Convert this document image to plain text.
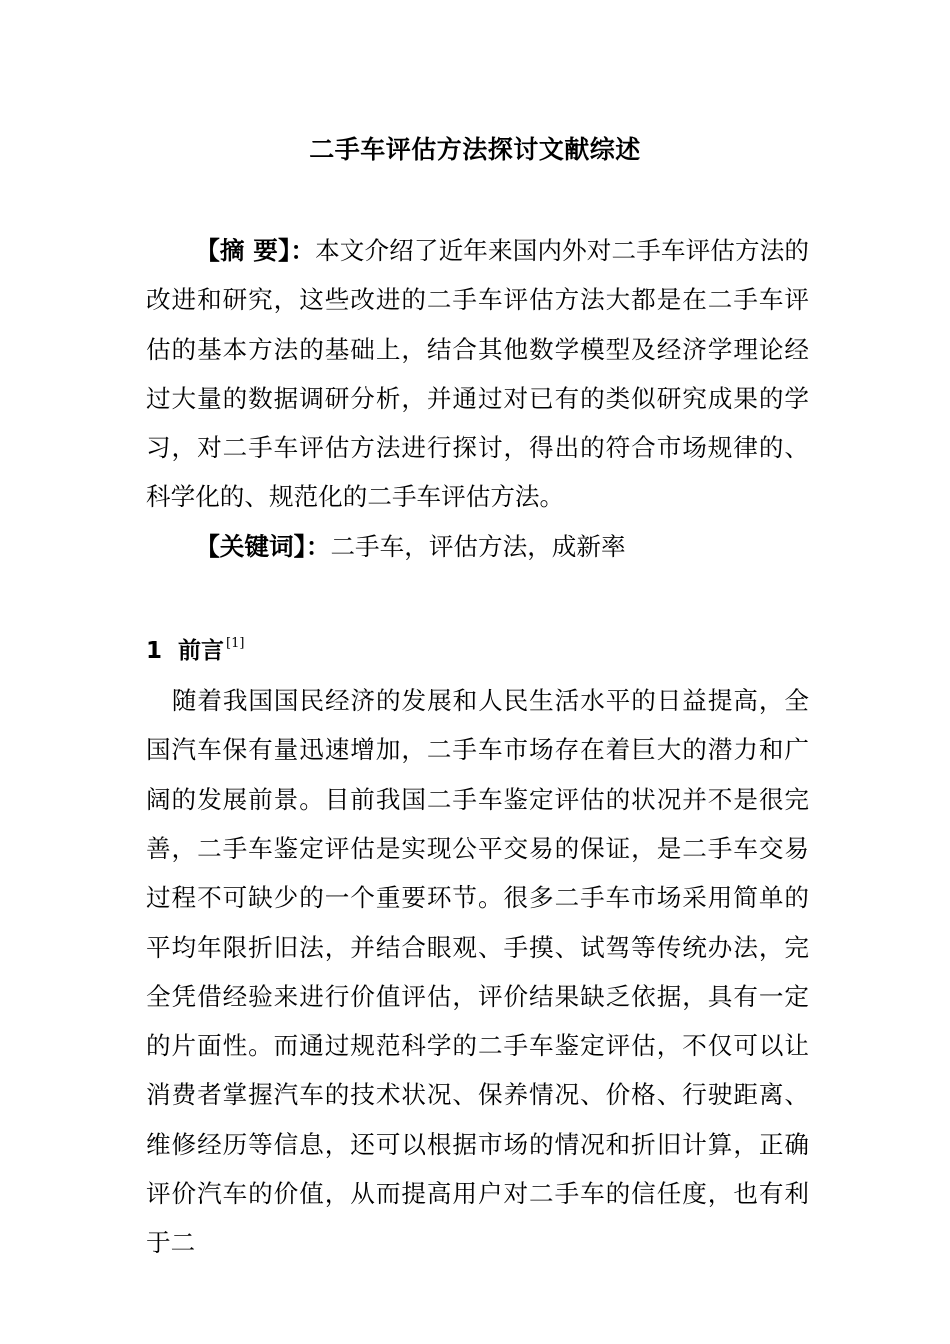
二手车评估方法探讨文献综述

【摘 要】：本文介绍了近年来国内外对二手车评估方法的改进和研究，这些改进的二手车评估方法大都是在二手车评估的基本方法的基础上，结合其他数学模型及经济学理论经过大量的数据调研分析，并通过对已有的类似研究成果的学习，对二手车评估方法进行探讨，得出的符合市场规律的、科学化的、规范化的二手车评估方法。

【关键词】：二手车，评估方法，成新率

1 前言 [1]

随着我国国民经济的发展和人民生活水平的日益提高，全国汽车保有量迅速增加，二手车市场存在着巨大的潜力和广阔的发展前景。目前我国二手车鉴定评估的状况并不是很完善，二手车鉴定评估是实现公平交易的保证，是二手车交易过程不可缺少的一个重要环节。很多二手车市场采用简单的平均年限折旧法，并结合眼观、手摸、试驾等传统办法，完全凭借经验来进行价值评估，评价结果缺乏依据，具有一定的片面性。而通过规范科学的二手车鉴定评估，不仅可以让消费者掌握汽车的技术状况、保养情况、价格、行驶距离、维修经历等信息，还可以根据市场的情况和折旧计算，正确评价汽车的价值，从而提高用户对二手车的信任度，也有利于二
